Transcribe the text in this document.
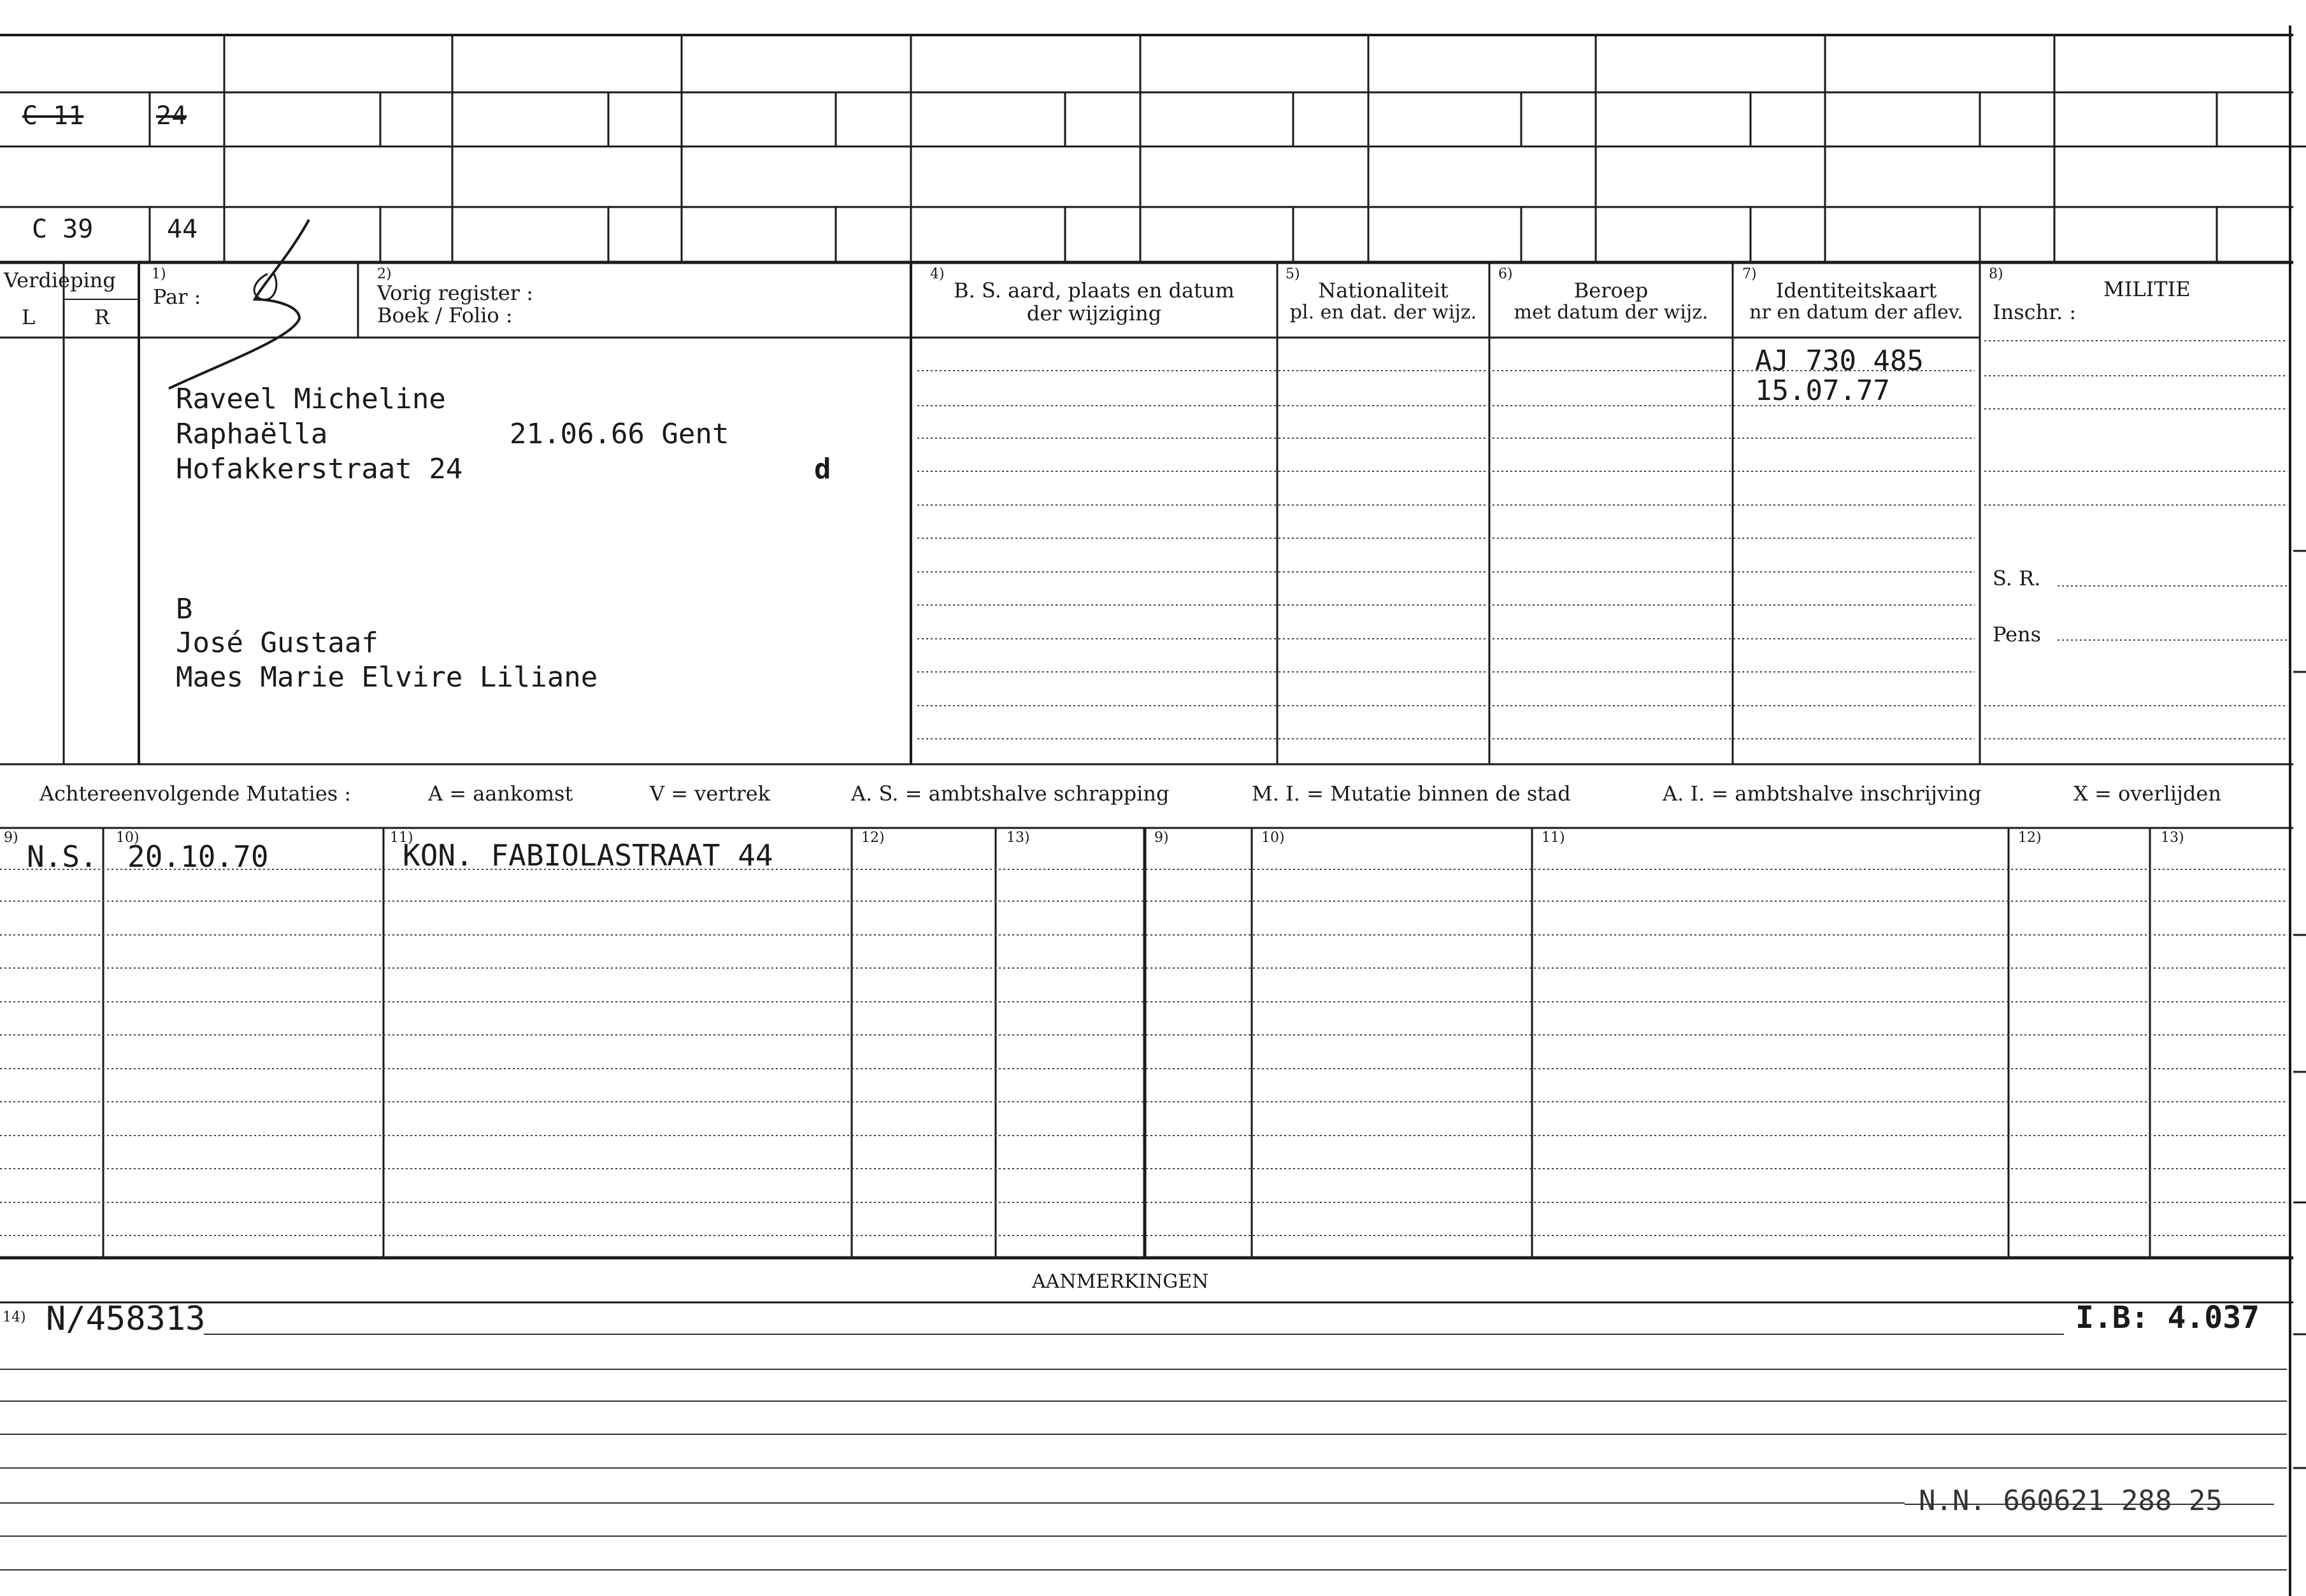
C 11	24
C 39	44
Verdieping
L	R
1)
Par :
2)
Vorig register :
Boek / Folio :
4)
B. S. aard, plaats en datum
der wijziging
5)
Nationaliteit
pl. en dat. der wijz.
6)
Beroep
met datum der wijz.
7)
Identiteitskaart
nr en datum der aflev.
8)
MILITIE
Inschr. :
S. R.
Pens
Raveel Micheline
Raphaëlla	21.06.66 Gent
Hofakkerstraat 24	d
B
José Gustaaf
Maes Marie Elvire Liliane
AJ 730 485
15.07.77
Achtereenvolgende Mutaties :	A = aankomst	V = vertrek	A. S. = ambtshalve schrapping	M. I. = Mutatie binnen de stad	A. I. = ambtshalve inschrijving	X = overlijden
9)	10)	11)	12)	13)	9)	10)	11)	12)	13)
N.S. 20.10.70	KON. FABIOLASTRAAT 44
AANMERKINGEN
14) N/458313	I.B: 4.037
N.N. 660621 288 25
